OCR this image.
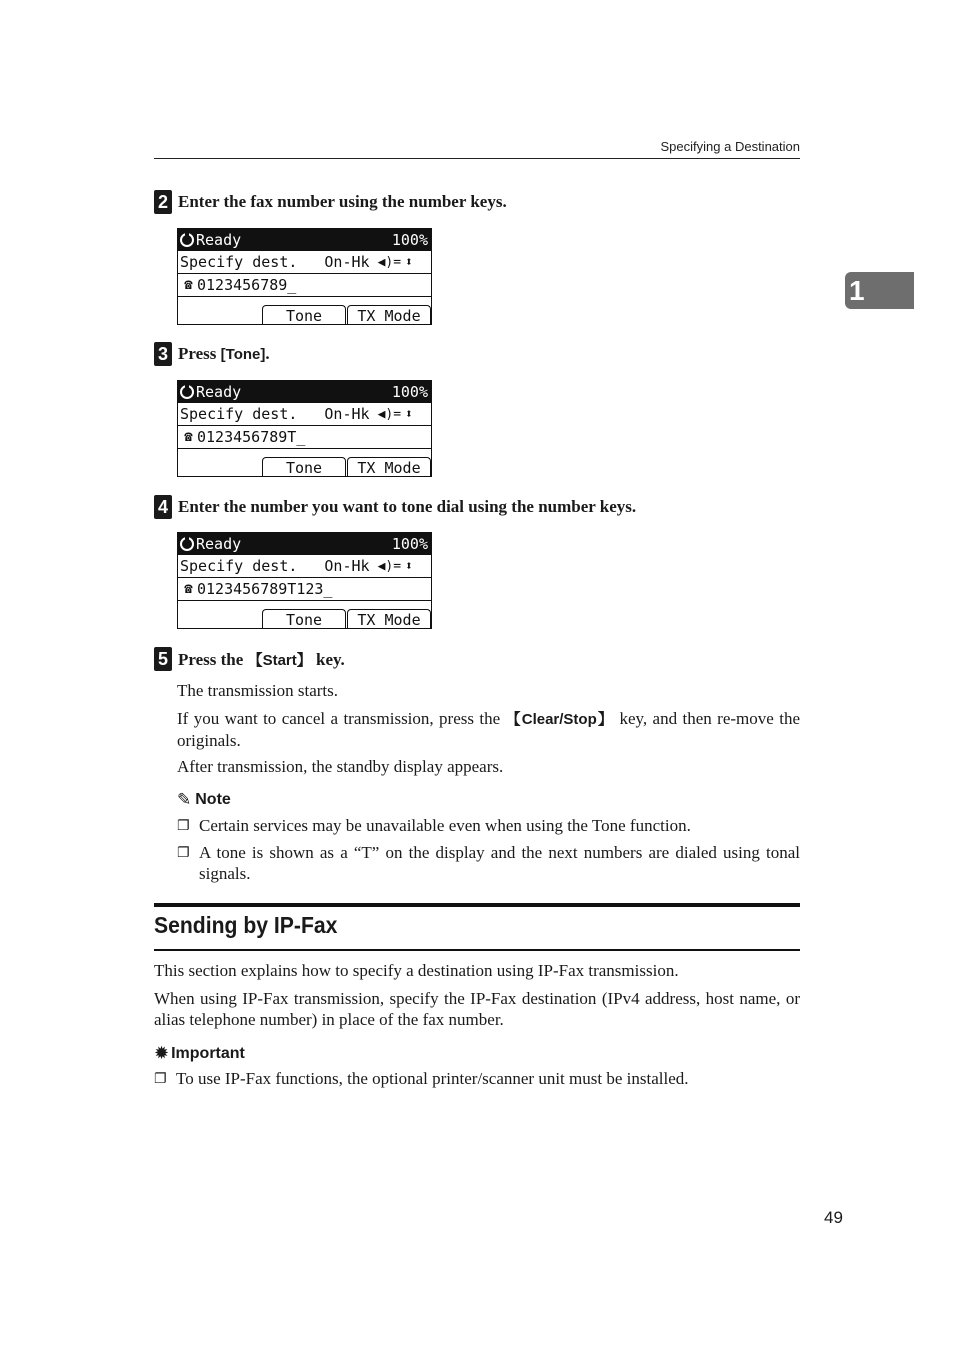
Specifying a Destination
1
2 Enter the fax number using the number keys.
Ready	100%
Specify dest. On-Hk ◀)= ⬍
☎ 0123456789_
Tone	TX Mode
3 Press [Tone].
Ready	100%
Specify dest. On-Hk ◀)= ⬍
☎ 0123456789T_
Tone	TX Mode
4 Enter the number you want to tone dial using the number keys.
Ready	100%
Specify dest. On-Hk ◀)= ⬍
☎ 0123456789T123_
Tone	TX Mode
5 Press the 【Start】 key.
The transmission starts.
If you want to cancel a transmission, press the 【Clear/Stop】 key, and then re-move the originals.
After transmission, the standby display appears.
✎ Note
❐ Certain services may be unavailable even when using the Tone function.
❐ A tone is shown as a “T” on the display and the next numbers are dialed using tonal signals.
Sending by IP-Fax
This section explains how to specify a destination using IP-Fax transmission.
When using IP-Fax transmission, specify the IP-Fax destination (IPv4 address, host name, or alias telephone number) in place of the fax number.
✹ Important
❐ To use IP-Fax functions, the optional printer/scanner unit must be installed.
49
